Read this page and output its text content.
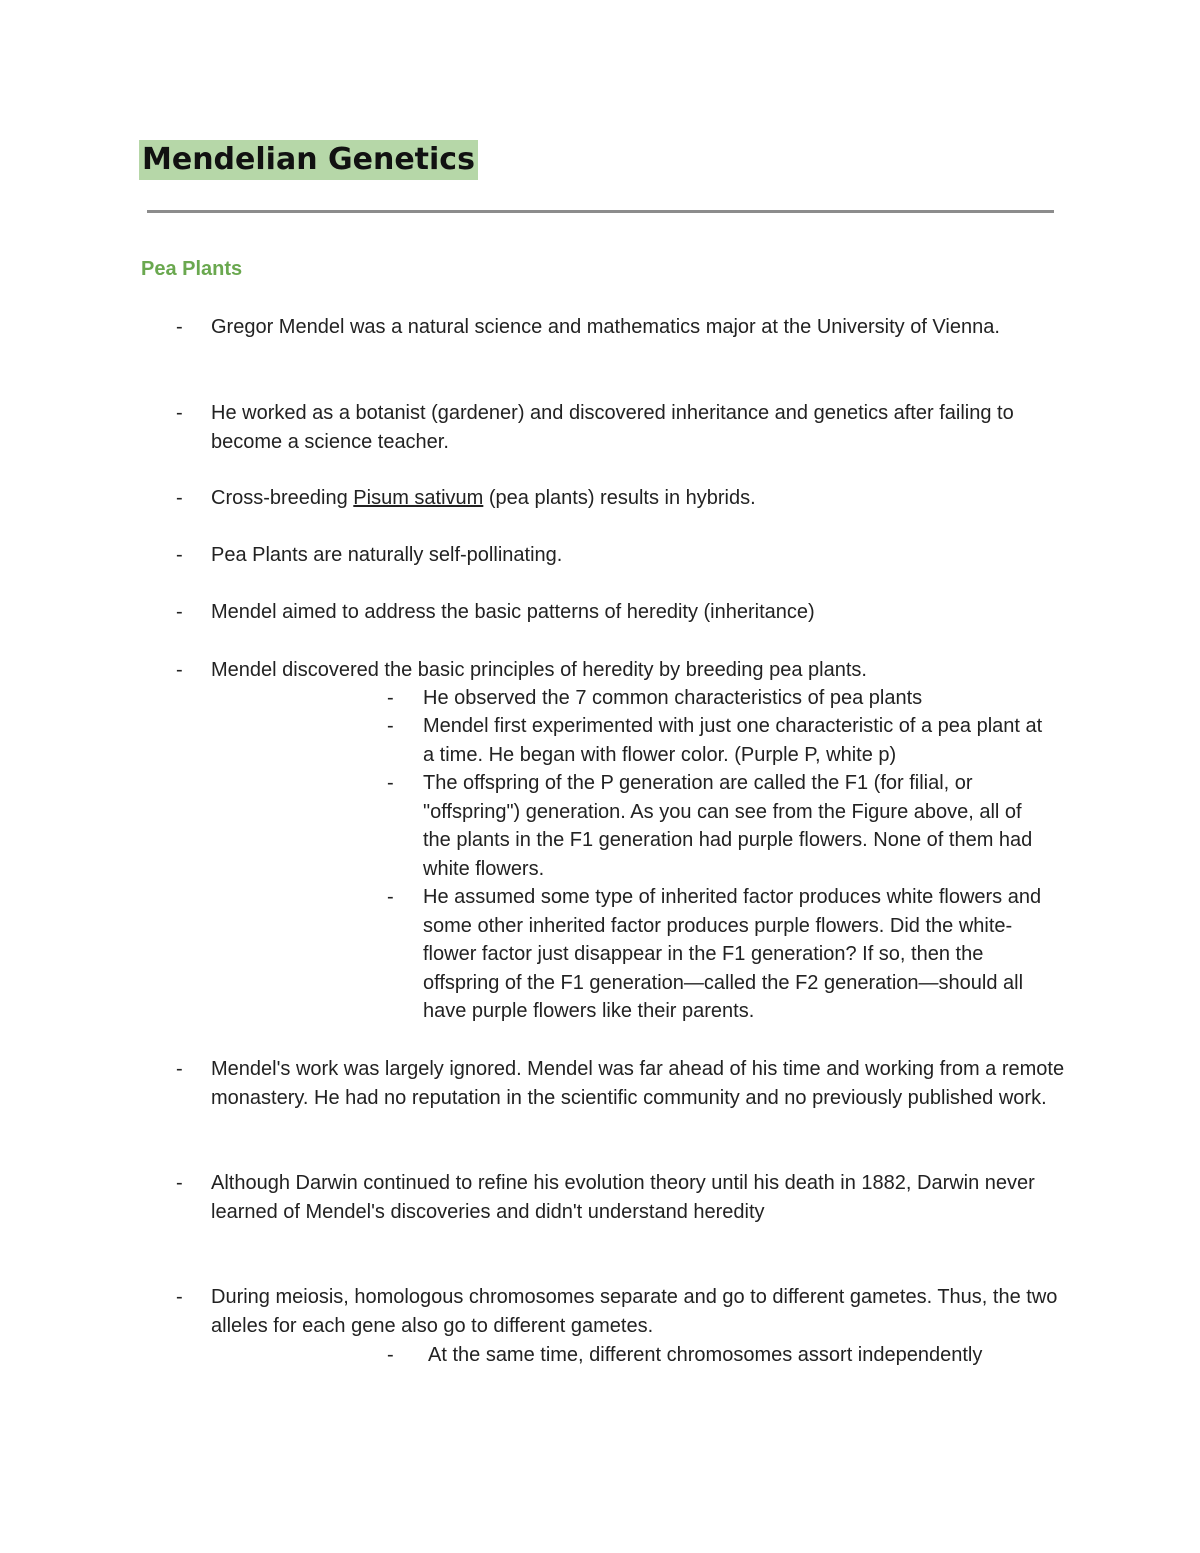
Mendelian Genetics
Pea Plants
- Gregor Mendel was a natural science and mathematics major at the University of Vienna.
- He worked as a botanist (gardener) and discovered inheritance and genetics after failing to become a science teacher.
- Cross-breeding Pisum sativum (pea plants) results in hybrids.
- Pea Plants are naturally self-pollinating.
- Mendel aimed to address the basic patterns of heredity (inheritance)
- Mendel discovered the basic principles of heredity by breeding pea plants.
- He observed the 7 common characteristics of pea plants
- Mendel first experimented with just one characteristic of a pea plant at a time. He began with flower color. (Purple P, white p)
- The offspring of the P generation are called the F1 (for filial, or "offspring") generation. As you can see from the Figure above, all of the plants in the F1 generation had purple flowers. None of them had white flowers.
- He assumed some type of inherited factor produces white flowers and some other inherited factor produces purple flowers. Did the white-flower factor just disappear in the F1 generation? If so, then the offspring of the F1 generation—called the F2 generation—should all have purple flowers like their parents.
- Mendel's work was largely ignored. Mendel was far ahead of his time and working from a remote monastery. He had no reputation in the scientific community and no previously published work.
- Although Darwin continued to refine his evolution theory until his death in 1882, Darwin never learned of Mendel's discoveries and didn't understand heredity
- During meiosis, homologous chromosomes separate and go to different gametes. Thus, the two alleles for each gene also go to different gametes.
- At the same time, different chromosomes assort independently
